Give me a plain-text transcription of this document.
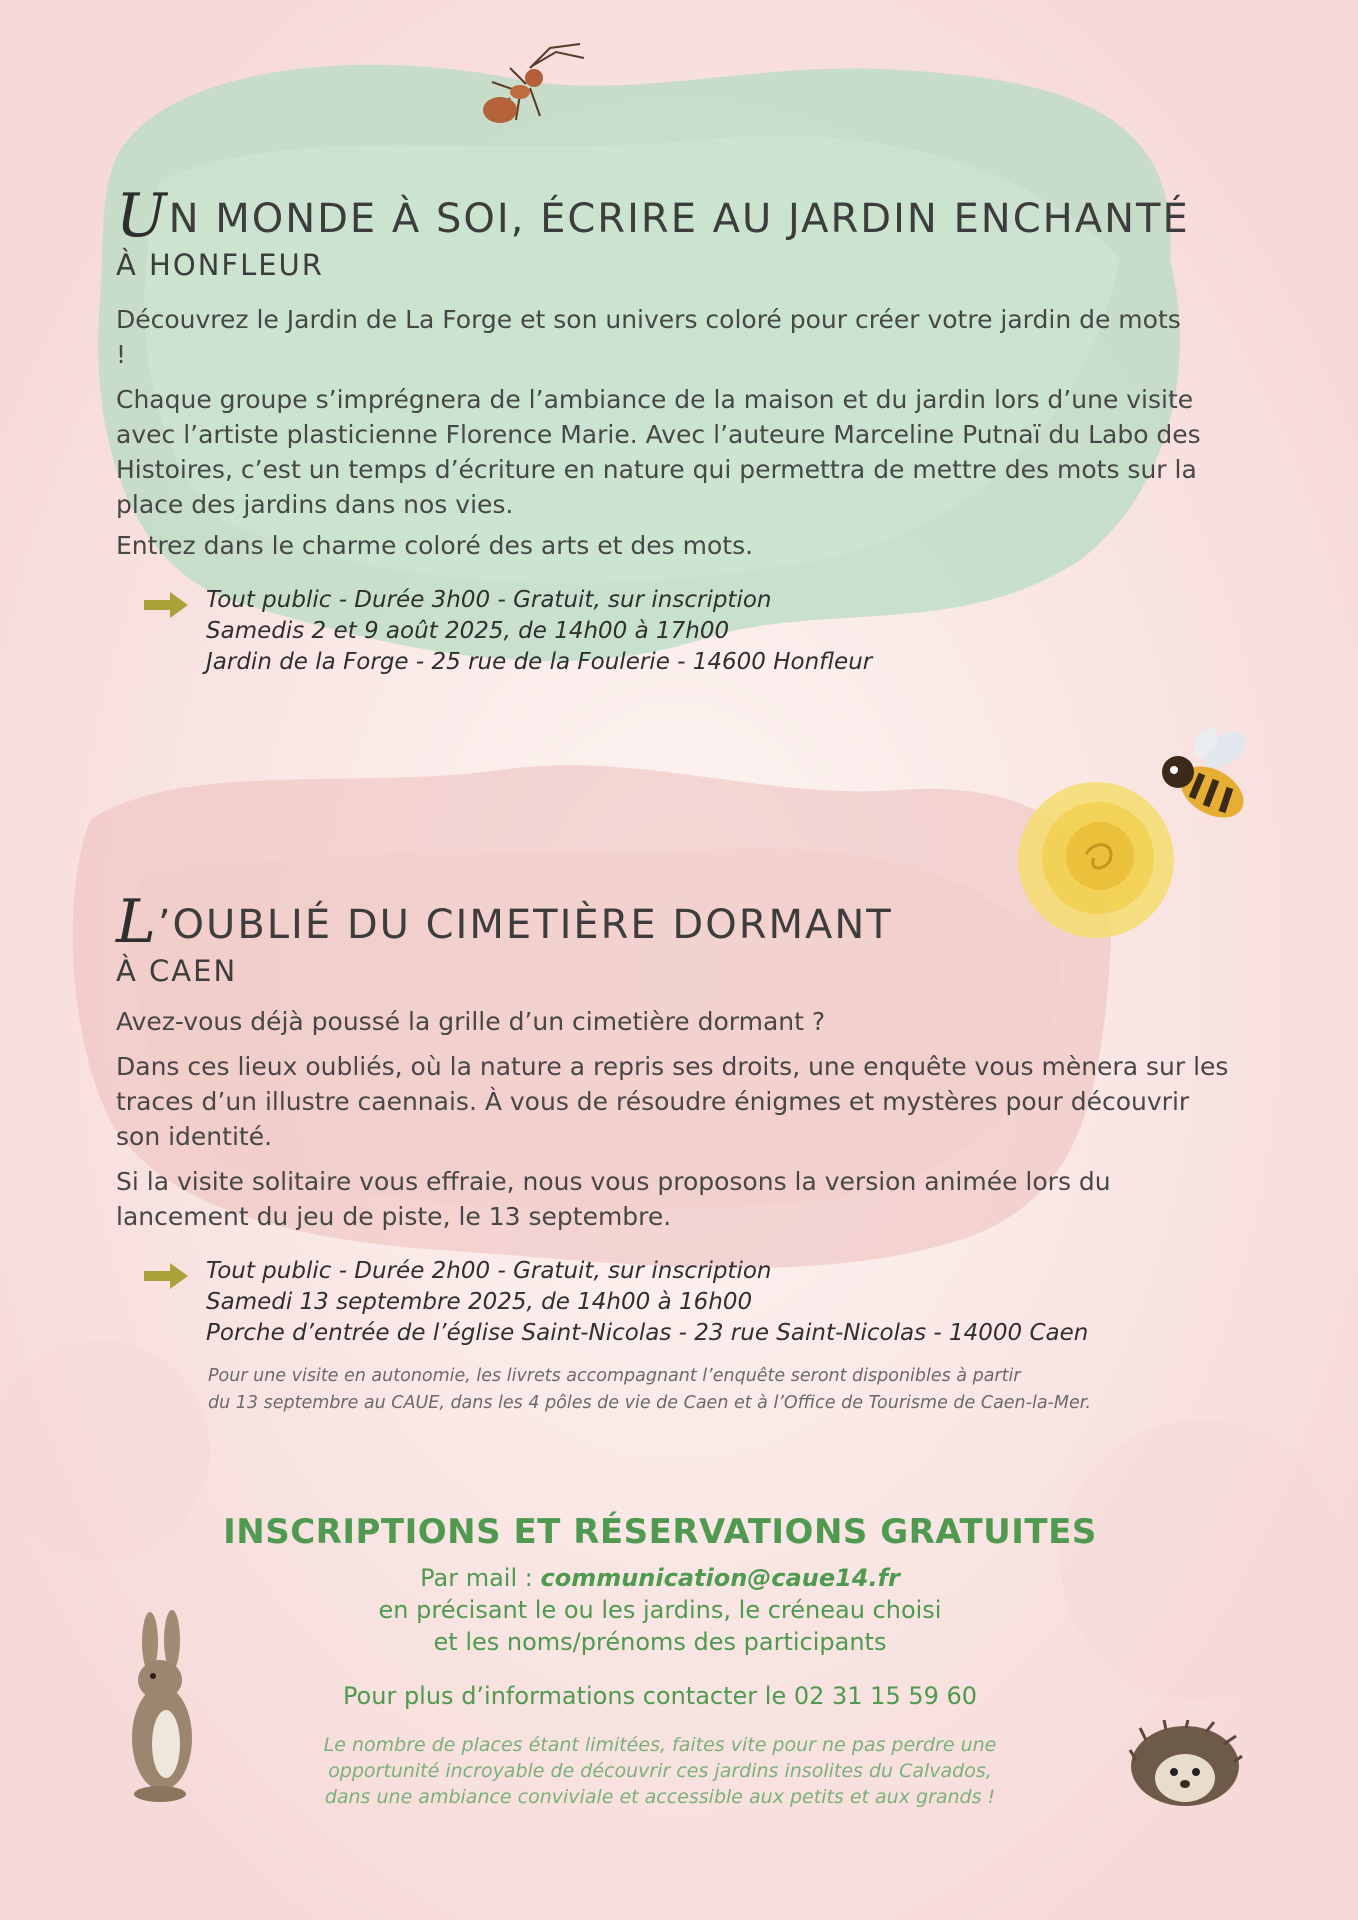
U N MONDE À SOI, ÉCRIRE AU JARDIN ENCHANTÉ
À HONFLEUR

Découvrez le Jardin de La Forge et son univers coloré pour créer votre jardin de mots !

Chaque groupe s’imprégnera de l’ambiance de la maison et du jardin lors d’une visite avec l’artiste plasticienne Florence Marie. Avec l’auteure Marceline Putnaï du Labo des Histoires, c’est un temps d’écriture en nature qui permettra de mettre des mots sur la place des jardins dans nos vies.

Entrez dans le charme coloré des arts et des mots.

Tout public - Durée 3h00 - Gratuit, sur inscription
Samedis 2 et 9 août 2025, de 14h00 à 17h00
Jardin de la Forge - 25 rue de la Foulerie - 14600 Honfleur
L ’OUBLIÉ DU CIMETIÈRE DORMANT
À CAEN

Avez-vous déjà poussé la grille d’un cimetière dormant ?

Dans ces lieux oubliés, où la nature a repris ses droits, une enquête vous mènera sur les traces d’un illustre caennais. À vous de résoudre énigmes et mystères pour découvrir son identité.

Si la visite solitaire vous effraie, nous vous proposons la version animée lors du lancement du jeu de piste, le 13 septembre.

Tout public - Durée 2h00 - Gratuit, sur inscription
Samedi 13 septembre 2025, de 14h00 à 16h00
Porche d’entrée de l’église Saint-Nicolas - 23 rue Saint-Nicolas - 14000 Caen
Pour une visite en autonomie, les livrets accompagnant l’enquête seront disponibles à partir
du 13 septembre au CAUE, dans les 4 pôles de vie de Caen et à l’Office de Tourisme de Caen-la-Mer.
INSCRIPTIONS ET RÉSERVATIONS GRATUITES
Par mail : communication@caue14.fr
en précisant le ou les jardins, le créneau choisi
et les noms/prénoms des participants
Pour plus d’informations contacter le 02 31 15 59 60
Le nombre de places étant limitées, faites vite pour ne pas perdre une
opportunité incroyable de découvrir ces jardins insolites du Calvados,
dans une ambiance conviviale et accessible aux petits et aux grands !
